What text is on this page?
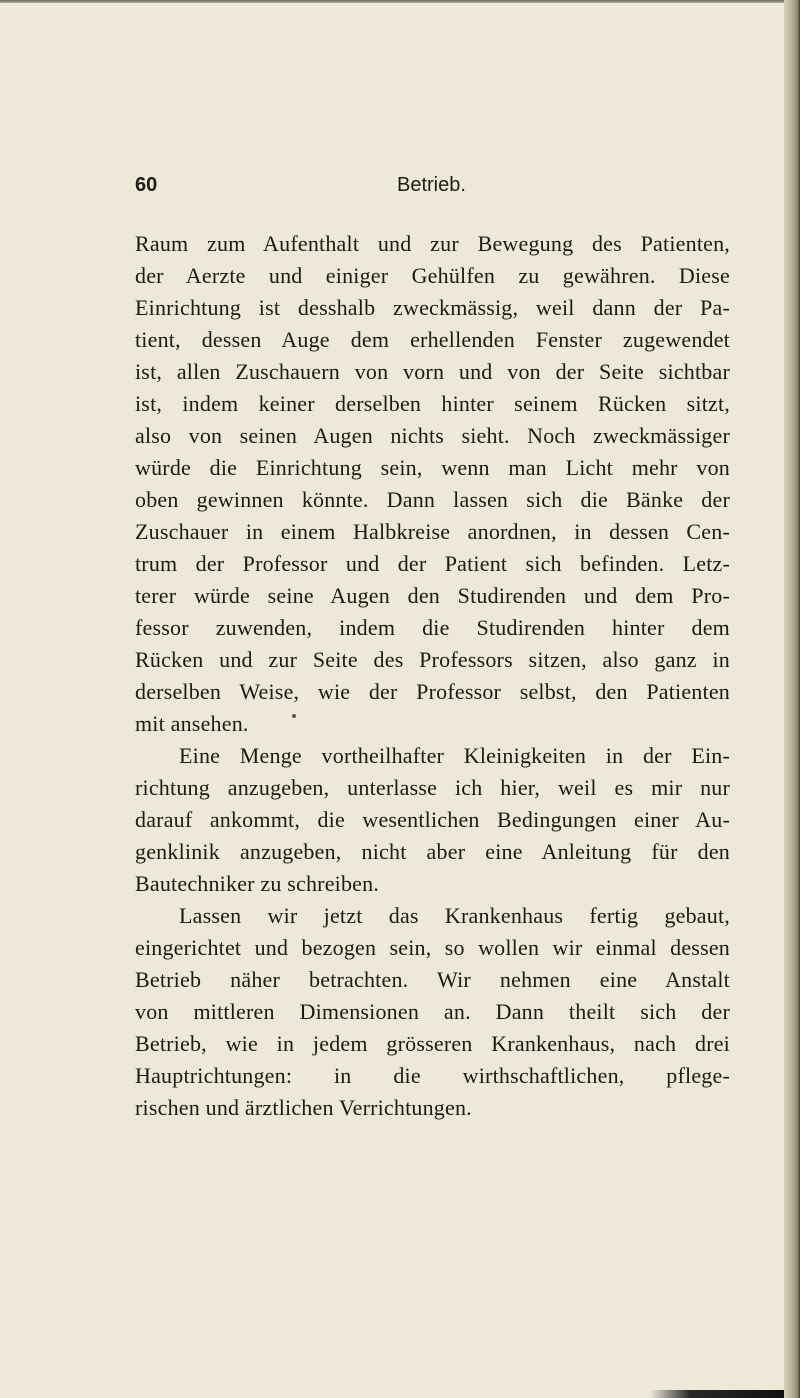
60	Betrieb.
Raum zum Aufenthalt und zur Bewegung des Patienten,
der Aerzte und einiger Gehülfen zu gewähren. Diese
Einrichtung ist desshalb zweckmässig, weil dann der Pa-
tient, dessen Auge dem erhellenden Fenster zugewendet
ist, allen Zuschauern von vorn und von der Seite sichtbar
ist, indem keiner derselben hinter seinem Rücken sitzt,
also von seinen Augen nichts sieht. Noch zweckmässiger
würde die Einrichtung sein, wenn man Licht mehr von
oben gewinnen könnte. Dann lassen sich die Bänke der
Zuschauer in einem Halbkreise anordnen, in dessen Cen-
trum der Professor und der Patient sich befinden. Letz-
terer würde seine Augen den Studirenden und dem Pro-
fessor zuwenden, indem die Studirenden hinter dem
Rücken und zur Seite des Professors sitzen, also ganz in
derselben Weise, wie der Professor selbst, den Patienten
mit ansehen.
Eine Menge vortheilhafter Kleinigkeiten in der Ein-
richtung anzugeben, unterlasse ich hier, weil es mir nur
darauf ankommt, die wesentlichen Bedingungen einer Au-
genklinik anzugeben, nicht aber eine Anleitung für den
Bautechniker zu schreiben.
Lassen wir jetzt das Krankenhaus fertig gebaut,
eingerichtet und bezogen sein, so wollen wir einmal dessen
Betrieb näher betrachten. Wir nehmen eine Anstalt
von mittleren Dimensionen an. Dann theilt sich der
Betrieb, wie in jedem grösseren Krankenhaus, nach drei
Hauptrichtungen: in die wirthschaftlichen, pflege-
rischen und ärztlichen Verrichtungen.
